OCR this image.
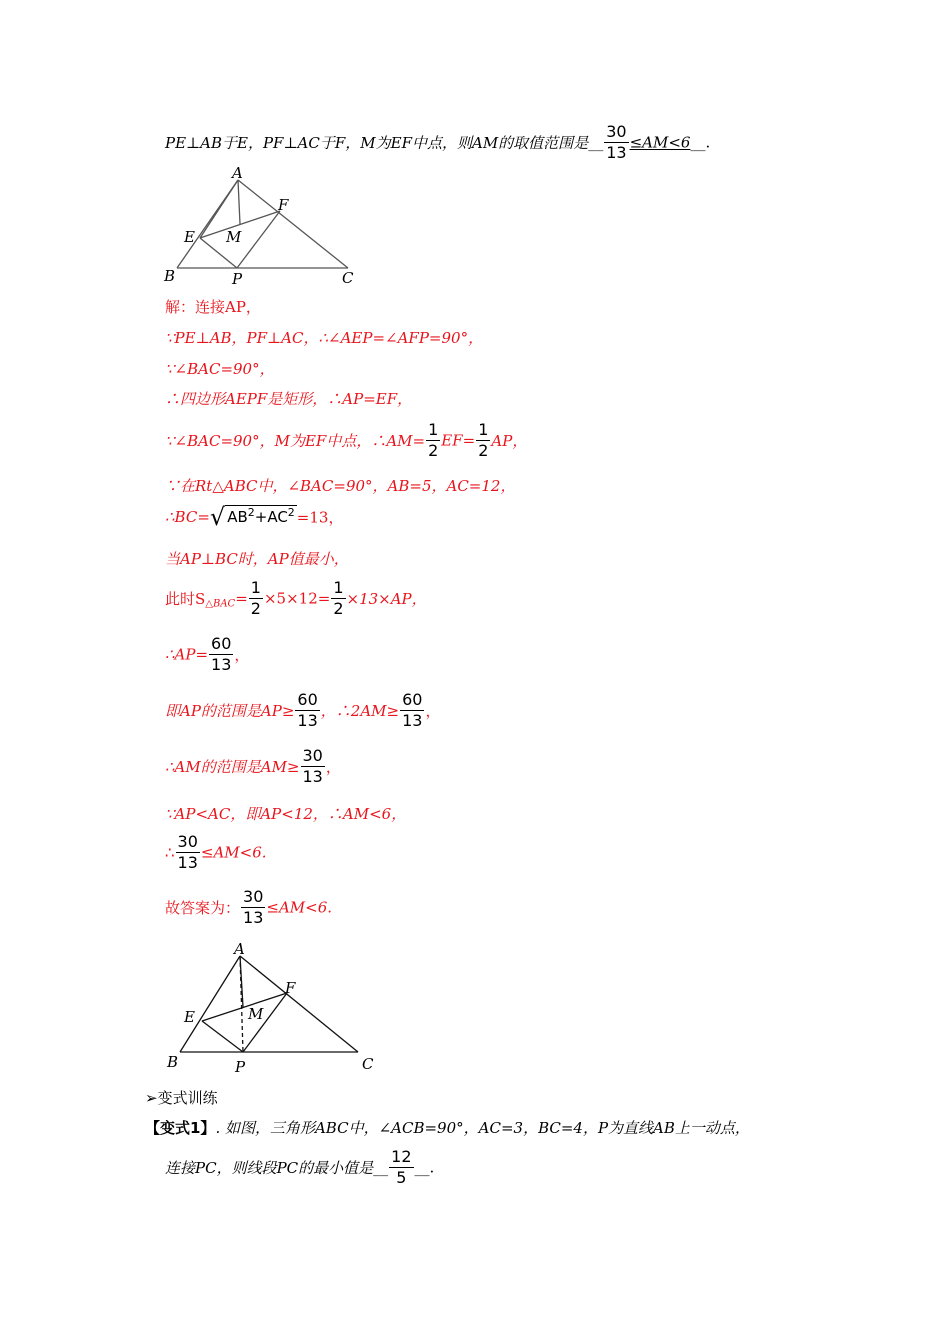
PE⊥AB于E，PF⊥AC于F，M为EF中点，则AM的取值范围是__ $\frac{30}{13}$ ≤AM<6__.
A
F
E M
B	P	C
解：连接AP，
∵PE⊥AB，PF⊥AC，∴∠AEP=∠AFP=90°，
∵∠BAC=90°，
∴四边形AEPF是矩形，∴AP=EF，
∵∠BAC=90°，M为EF中点，∴AM= $\frac{1}{2} EF= \frac{1}{2}$ AP，
∵在Rt△ABC中，∠BAC=90°，AB=5，AC=12，
∴BC=√ $AB^2+AC^2 =13$，
当AP⊥BC时，AP值最小，
此时$S_{\triangle BAC}= \frac{1}{2} \times 5\times 12= \frac{1}{2} \times 13\times AP$，
∴AP= $\frac{60}{13}$ ，
即AP的范围是$AP\ge \frac{60}{13}$ ，∴2AM≥ $\frac{60}{13}$ ，
∴AM的范围是$AM\ge \frac{30}{13}$ ，
∵AP<AC，即AP<12，∴AM<6，
∴ $\frac{30}{13} \le AM<6$.
故答案为： $\frac{30}{13} \le AM<6$.
A
F
E	M
B	P	C
➢变式训练
【变式1】. 如图，三角形ABC中，∠ACB=90°，AC=3，BC=4，P为直线AB上一动点，
连接PC，则线段PC的最小值是__ $\frac{12}{5}$ __.
